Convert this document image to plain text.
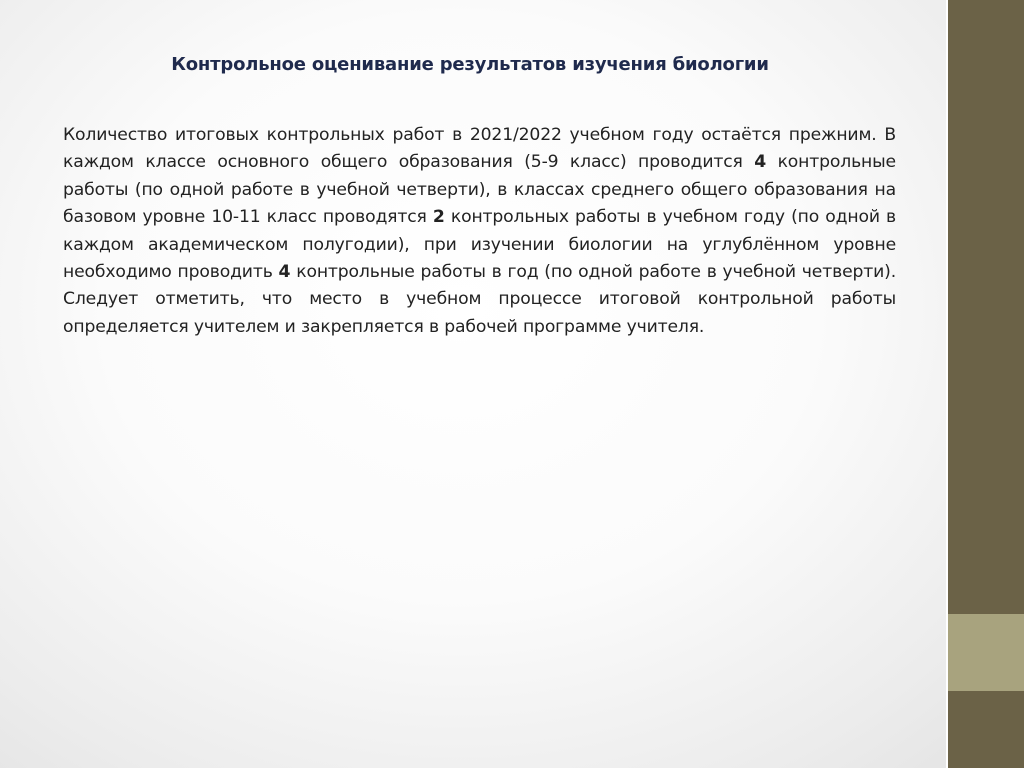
Контрольное оценивание результатов изучения биологии

Количество итоговых контрольных работ в 2021/2022 учебном году остаётся прежним. В каждом классе основного общего образования (5-9 класс) проводится 4 контрольные работы (по одной работе в учебной четверти), в классах среднего общего образования на базовом уровне 10-11 класс проводятся 2 контрольных работы в учебном году (по одной в каждом академическом полугодии), при изучении биологии на углублённом уровне необходимо проводить 4 контрольные работы в год (по одной работе в учебной четверти). Следует отметить, что место в учебном процессе итоговой контрольной работы определяется учителем и закрепляется в рабочей программе учителя.
